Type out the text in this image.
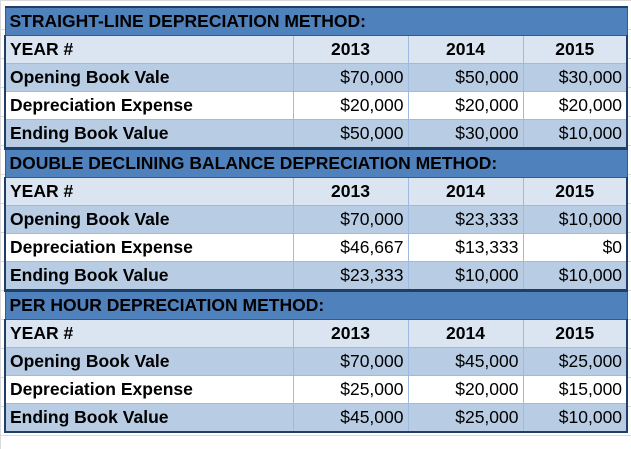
STRAIGHT-LINE DEPRECIATION METHOD:			
YEAR #	2013	2014	2015
Opening Book Vale	$70,000	$50,000	$30,000
Depreciation Expense	$20,000	$20,000	$20,000
Ending Book Value	$50,000	$30,000	$10,000
DOUBLE DECLINING BALANCE DEPRECIATION METHOD:			
YEAR #	2013	2014	2015
Opening Book Vale	$70,000	$23,333	$10,000
Depreciation Expense	$46,667	$13,333	$0
Ending Book Value	$23,333	$10,000	$10,000
PER HOUR DEPRECIATION METHOD:			
YEAR #	2013	2014	2015
Opening Book Vale	$70,000	$45,000	$25,000
Depreciation Expense	$25,000	$20,000	$15,000
Ending Book Value	$45,000	$25,000	$10,000
